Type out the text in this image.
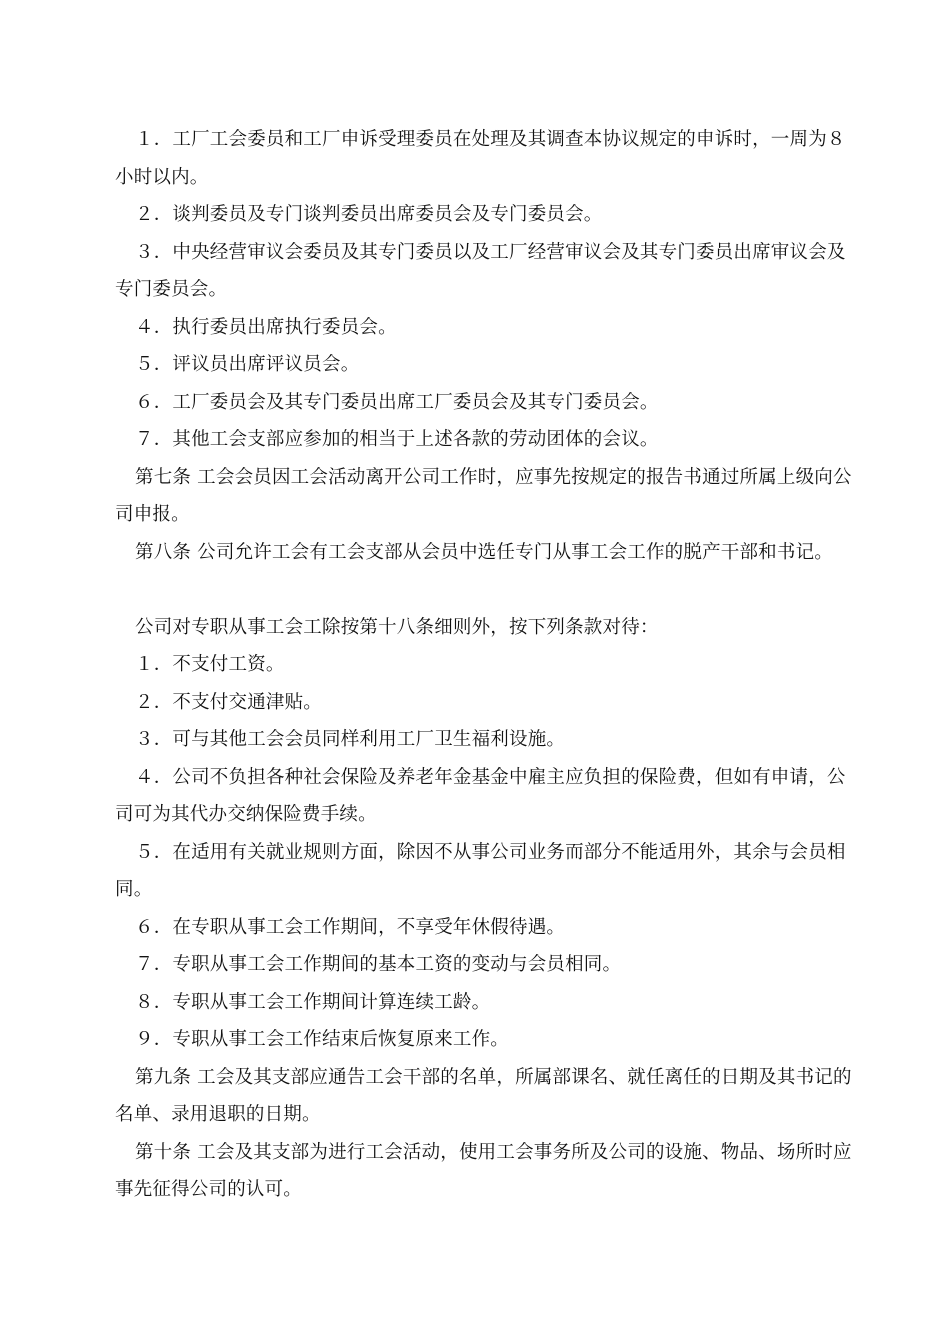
１．工厂工会委员和工厂申诉受理委员在处理及其调查本协议规定的申诉时，一周为８小时以内。

２．谈判委员及专门谈判委员出席委员会及专门委员会。

３．中央经营审议会委员及其专门委员以及工厂经营审议会及其专门委员出席审议会及专门委员会。

４．执行委员出席执行委员会。

５．评议员出席评议员会。

６．工厂委员会及其专门委员出席工厂委员会及其专门委员会。

７．其他工会支部应参加的相当于上述各款的劳动团体的会议。

第七条 工会会员因工会活动离开公司工作时，应事先按规定的报告书通过所属上级向公司申报。

第八条 公司允许工会有工会支部从会员中选任专门从事工会工作的脱产干部和书记。

公司对专职从事工会工除按第十八条细则外，按下列条款对待：

１．不支付工资。

２．不支付交通津贴。

３．可与其他工会会员同样利用工厂卫生福利设施。

４．公司不负担各种社会保险及养老年金基金中雇主应负担的保险费，但如有申请，公司可为其代办交纳保险费手续。

５．在适用有关就业规则方面，除因不从事公司业务而部分不能适用外，其余与会员相同。

６．在专职从事工会工作期间，不享受年休假待遇。

７．专职从事工会工作期间的基本工资的变动与会员相同。

８．专职从事工会工作期间计算连续工龄。

９．专职从事工会工作结束后恢复原来工作。

第九条 工会及其支部应通告工会干部的名单，所属部课名、就任离任的日期及其书记的名单、录用退职的日期。

第十条 工会及其支部为进行工会活动，使用工会事务所及公司的设施、物品、场所时应事先征得公司的认可。
